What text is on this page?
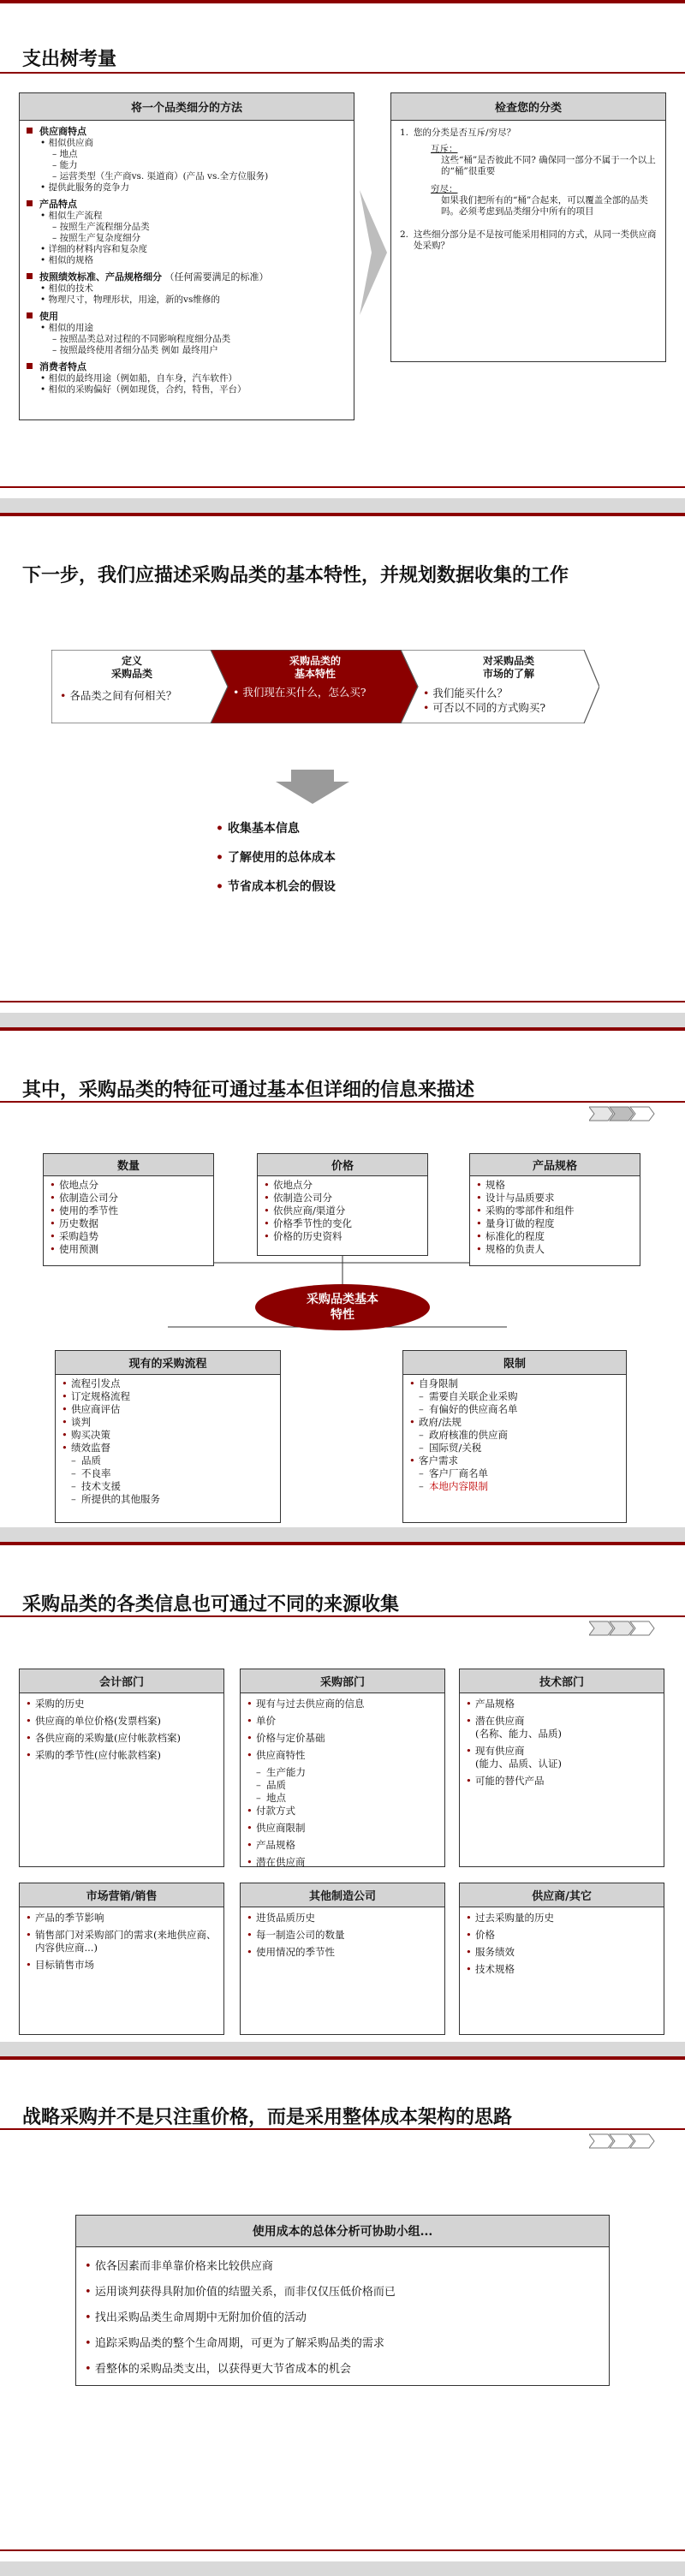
支出树考量
将一个品类细分的方法
供应商特点
• 相似供应商
– 地点
– 能力
– 运营类型（生产商vs. 渠道商）(产品 vs.全方位服务)
• 提供此服务的竞争力
产品特点
• 相似生产流程
– 按照生产流程细分品类
– 按照生产复杂度细分
• 详细的材料内容和复杂度
• 相似的规格
按照绩效标准、产品规格细分 （任何需要满足的标准）
• 相似的技术
• 物理尺寸，物理形状，用途，新的vs维修的
使用
• 相似的用途
– 按照品类总对过程的不同影响程度细分品类
– 按照最终使用者细分品类 例如 最终用户
消费者特点
• 相似的最终用途（例如船，自车身，汽车软件）
• 相似的采购偏好（例如现货，合约，特售，平台）
检查您的分类
1. 您的分类是否互斥/穷尽？
互斥：
这些“桶”是否彼此不同? 确保同一部分不属于一个以上的“桶”很重要
穷尽：
如果我们把所有的“桶”合起来，可以覆盖全部的品类吗。必须考虑到品类细分中所有的项目
2. 这些细分部分是不是按可能采用相同的方式，从同一类供应商处采购？
下一步，我们应描述采购品类的基本特性，并规划数据收集的工作
定义
采购品类
• 各品类之间有何相关？
采购品类的
基本特性
• 我们现在买什么，怎么买?
对采购品类
市场的了解
• 我们能买什么？
• 可否以不同的方式购买?
• 收集基本信息
• 了解使用的总体成本
• 节省成本机会的假设
其中，采购品类的特征可通过基本但详细的信息来描述
数量
• 依地点分
• 依制造公司分
• 使用的季节性
• 历史数据
• 采购趋势
• 使用预测
价格
• 依地点分
• 依制造公司分
• 依供应商/渠道分
• 价格季节性的变化
• 价格的历史资料
产品规格
• 规格
• 设计与品质要求
• 采购的零部件和组件
• 量身订做的程度
• 标准化的程度
• 规格的负责人
采购品类基本
特性
现有的采购流程
• 流程引发点
• 订定规格流程
• 供应商评估
• 谈判
• 购买决策
• 绩效监督
– 品质
– 不良率
– 技术支援
– 所提供的其他服务
限制
• 自身限制
– 需要自关联企业采购
– 有偏好的供应商名单
• 政府/法规
– 政府核准的供应商
– 国际贸/关税
• 客户需求
– 客户厂商名单
– 本地内容限制
采购品类的各类信息也可通过不同的来源收集
会计部门
• 采购的历史
• 供应商的单位价格(发票档案)
• 各供应商的采购量(应付帐款档案)
• 采购的季节性(应付帐款档案)
采购部门
• 现有与过去供应商的信息
• 单价
• 价格与定价基础
• 供应商特性
– 生产能力
– 品质
– 地点
• 付款方式
• 供应商限制
• 产品规格
• 潜在供应商
技术部门
• 产品规格
• 潜在供应商
(名称、能力、品质)
• 现有供应商
(能力、品质、认证)
• 可能的替代产品
市场营销/销售
• 产品的季节影响
• 销售部门对采购部门的需求(来地供应商、内容供应商...)
• 目标销售市场
其他制造公司
• 进货品质历史
• 每一制造公司的数量
• 使用情况的季节性
供应商/其它
• 过去采购量的历史
• 价格
• 服务绩效
• 技术规格
战略采购并不是只注重价格，而是采用整体成本架构的思路
使用成本的总体分析可协助小组...
• 依各因素而非单靠价格来比较供应商
• 运用谈判获得具附加价值的结盟关系，而非仅仅压低价格而已
• 找出采购品类生命周期中无附加价值的活动
• 追踪采购品类的整个生命周期，可更为了解采购品类的需求
• 看整体的采购品类支出，以获得更大节省成本的机会
